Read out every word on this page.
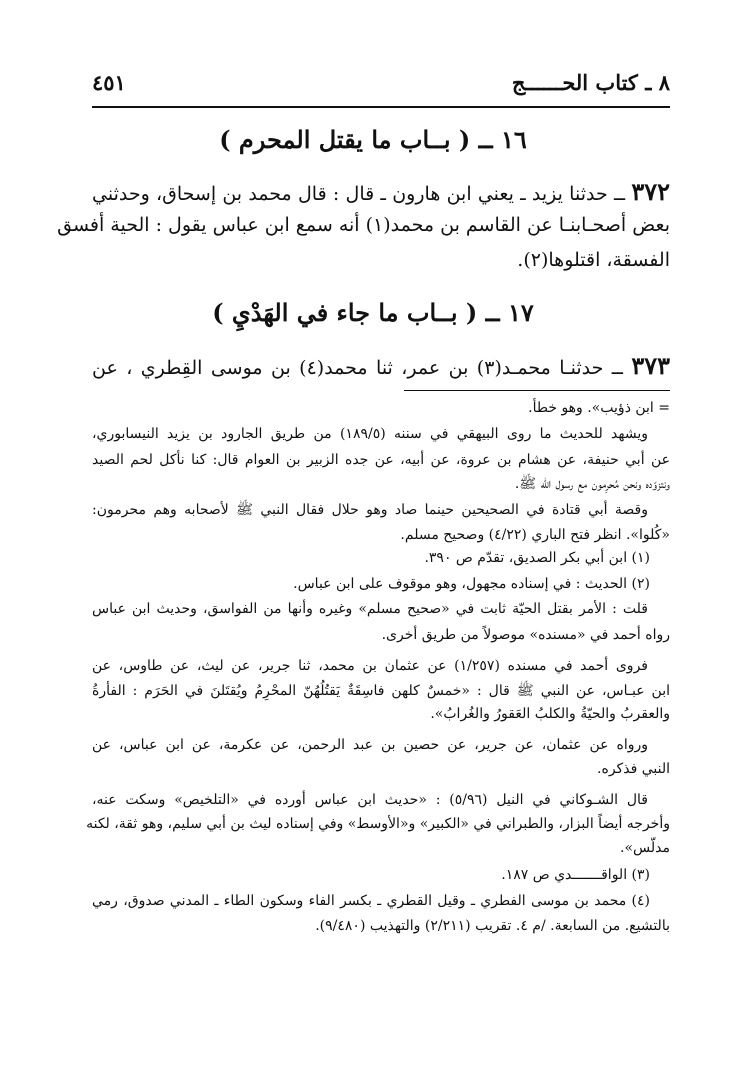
٨ ـ كتاب الحــــــج
٤٥١
١٦ ــ ( بــاب ما يقتل المحرم )
٣٧٢ ــ حدثنا يزيد ـ يعني ابن هارون ـ قال : قال محمد بن إسحاق، وحدثني
بعض أصحـابنـا عن القاسم بن محمد(١) أنه سمع ابن عباس يقول : الحية أفسق
الفسقة، اقتلوها(٢).
١٧ ــ ( بــاب ما جاء في الهَدْيِ )
٣٧٣ ــ حدثنـا محمـد(٣) بن عمر، ثنا محمد(٤) بن موسى القِطري ، عن
= ابن ذؤيب». وهو خطأ.
ويشهد للحديث ما روى البيهقي في سننه (١٨٩/٥) من طريق الجارود بن يزيد النيسابوري،
عن أبي حنيفة، عن هشام بن عروة، عن أبيه، عن جده الزبير بن العوام قال: كنا نأكل لحم الصيد
ونتزوّده ونحن مُحرِمون مع رسول الله ﷺ.
وقصة أبي قتادة في الصحيحين حينما صاد وهو حلال فقال النبي ﷺ لأصحابه وهم محرمون:
«كُلوا». انظر فتح الباري (٤/٢٢) وصحيح مسلم.
(١) ابن أبي بكر الصديق، تقدّم ص ٣٩٠.
(٢) الحديث : في إسناده مجهول، وهو موقوف على ابن عباس.
قلت : الأمر بقتل الحيّة ثابت في «صحيح مسلم» وغيره وأنها من الفواسق، وحديث ابن عباس
رواه أحمد في «مسنده» موصولاً من طريق أخرى.
فروى أحمد في مسنده (١/٢٥٧) عن عثمان بن محمد، ثنا جرير، عن ليث، عن طاوس، عن
ابن عبـاس، عن النبي ﷺ قال : «خمسٌ كلهن فاسِقَةٌ يَقتُلُهُنّ المحْرِمُ ويُقتَلنَ في الحَرَم : الفأرةُ
والعقربُ والحيّةُ والكلبُ العَقورُ والغُرابُ».
ورواه عن عثمان، عن جرير، عن حصين بن عبد الرحمن، عن عكرمة، عن ابن عباس، عن
النبي فذكره.
قال الشـوكاني في النيل (٥/٩٦) : «حديث ابن عباس أورده في «التلخيص» وسكت عنه،
وأخرجه أيضاً البزار، والطبراني في «الكبير» و«الأوسط» وفي إسناده ليث بن أبي سليم، وهو ثقة، لكنه
مدلّس».
(٣) الواقـــــــدي ص ١٨٧.
(٤) محمد بن موسى الفطري ـ وقيل القطري ـ بكسر الفاء وسكون الطاء ـ المدني صدوق، رمي
بالتشيع. من السابعة. /م ٤. تقريب (٢/٢١١) والتهذيب (٩/٤٨٠).
